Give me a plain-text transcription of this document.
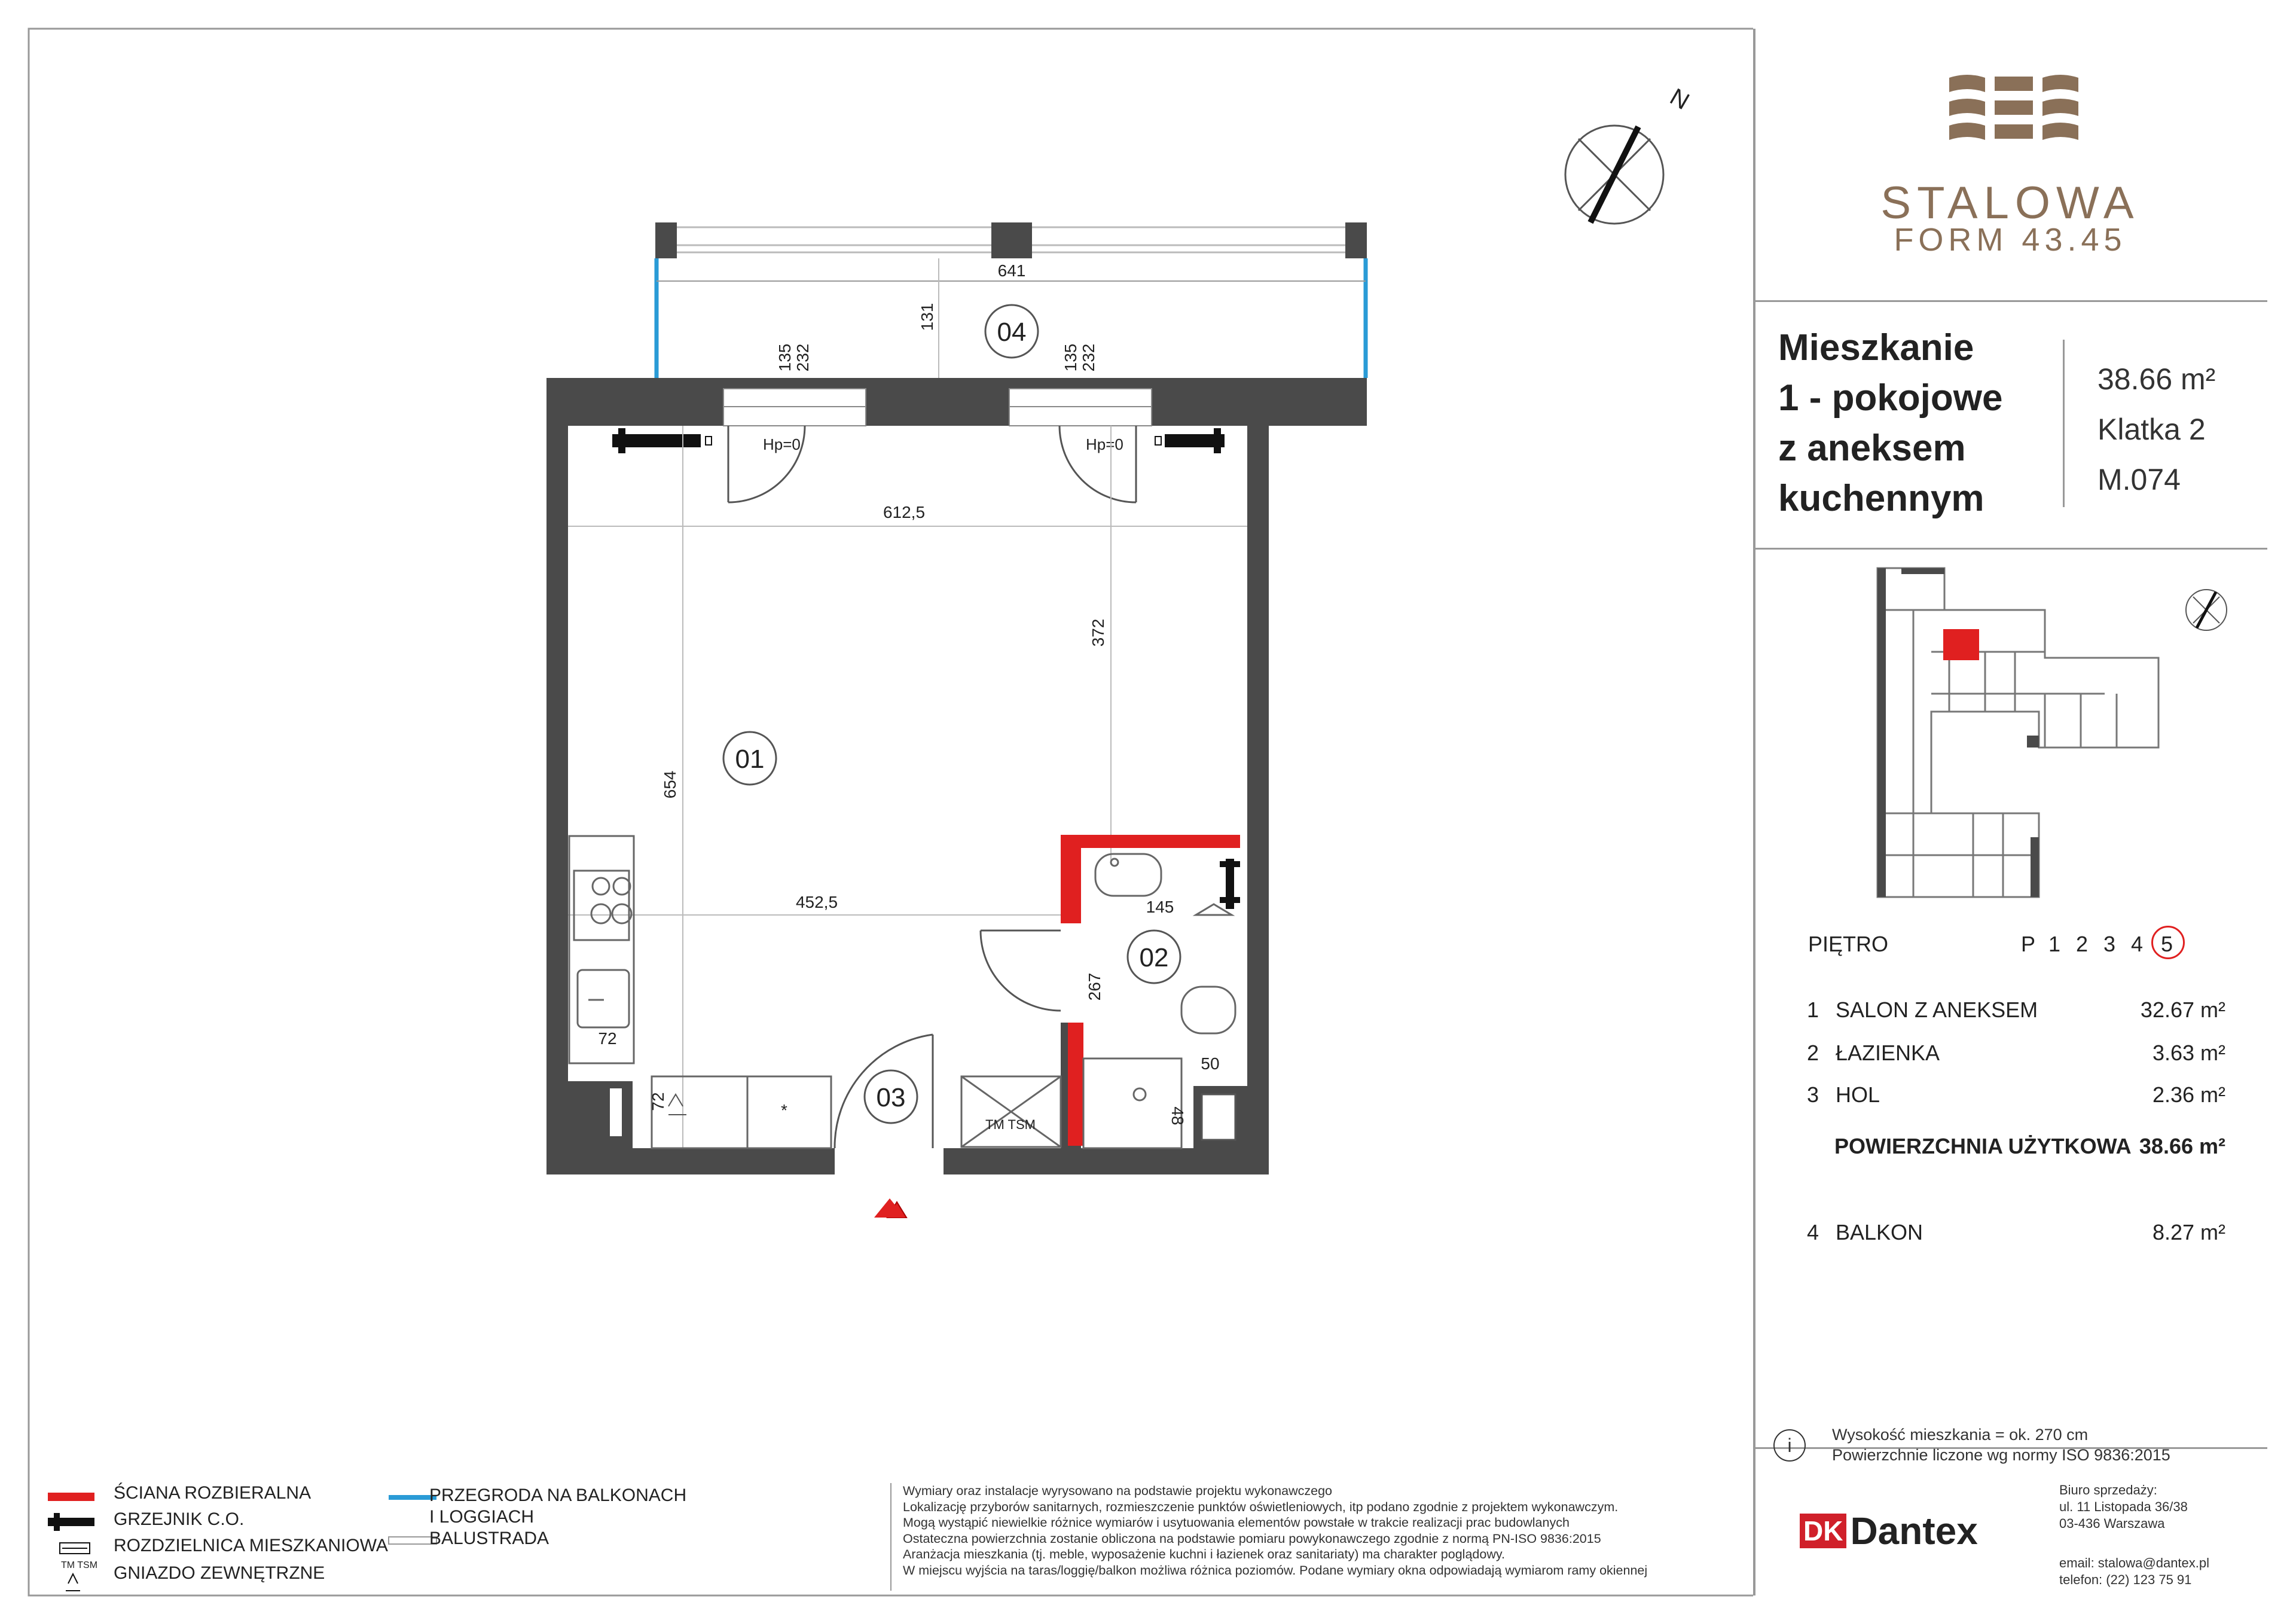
N
Hp=0	Hp=0
*
01
02
03
04
641
131
135 232	135 232
612,5
654
372
452,5	145
267
72
72
50
48
TM TSM
TM TSM
STALOWA
FORM 43.45
Mieszkanie
1 - pokojowe
z aneksem
kuchennym
38.66 m²
Klatka 2
M.074
PIĘTRO	P 1 2 3 4 5
1 SALON Z ANEKSEM	32.67 m²
2 ŁAZIENKA	3.63 m²
3 HOL	2.36 m²
POWIERZCHNIA UŻYTKOWA 38.66 m²
4 BALKON	8.27 m²
i	Wysokość mieszkania = ok. 270 cm
Powierzchnie liczone wg normy ISO 9836:2015
ŚCIANA ROZBIERALNA
GRZEJNIK C.O.
ROZDZIELNICA MIESZKANIOWA
GNIAZDO ZEWNĘTRZNE
PRZEGRODA NA BALKONACH
I LOGGIACH
BALUSTRADA
Wymiary oraz instalacje wyrysowano na podstawie projektu wykonawczego
Lokalizację przyborów sanitarnych, rozmieszczenie punktów oświetleniowych, itp podano zgodnie z projektem wykonawczym.
Mogą wystąpić niewielkie różnice wymiarów i usytuowania elementów powstałe w trakcie realizacji prac budowlanych
Ostateczna powierzchnia zostanie obliczona na podstawie pomiaru powykonawczego zgodnie z normą PN-ISO 9836:2015
Aranżacja mieszkania (tj. meble, wyposażenie kuchni i łazienek oraz sanitariaty) ma charakter poglądowy.
W miejscu wyjścia na taras/loggię/balkon możliwa różnica poziomów. Podane wymiary okna odpowiadają wymiarom ramy okiennej
DK Dantex
Biuro sprzedaży:
ul. 11 Listopada 36/38
03-436 Warszawa
email: stalowa@dantex.pl
telefon: (22) 123 75 91
